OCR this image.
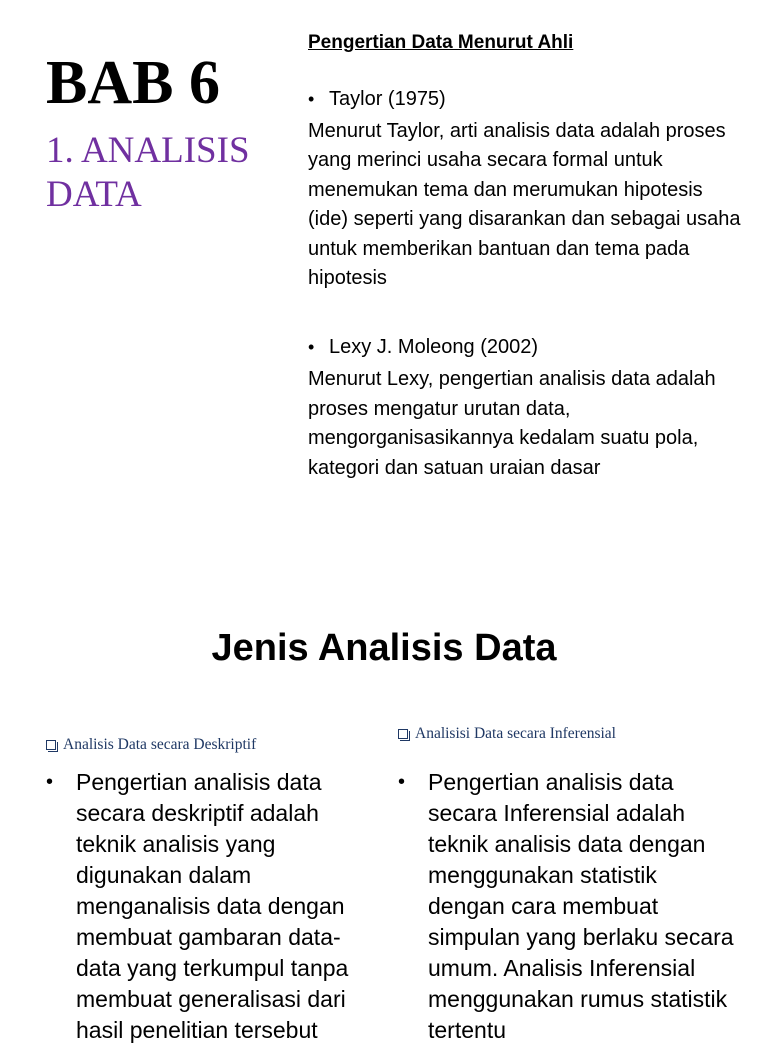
BAB 6
1. ANALISIS DATA

Pengertian Data Menurut Ahli

• Taylor (1975)
Menurut Taylor, arti analisis data adalah proses yang merinci usaha secara formal untuk menemukan tema dan merumukan hipotesis (ide) seperti yang disarankan dan sebagai usaha untuk memberikan bantuan dan tema pada hipotesis
• Lexy J. Moleong (2002)
Menurut Lexy, pengertian analisis data adalah proses mengatur urutan data, mengorganisasikannya kedalam suatu pola, kategori dan satuan uraian dasar
Jenis Analisis Data
Analisis Data secara Deskriptif
• Pengertian analisis data secara deskriptif adalah teknik analisis yang digunakan dalam menganalisis data dengan membuat gambaran data-data yang terkumpul tanpa membuat generalisasi dari hasil penelitian tersebut
Analisisi Data secara Inferensial
• Pengertian analisis data secara Inferensial adalah teknik analisis data dengan menggunakan statistik dengan cara membuat simpulan yang berlaku secara umum. Analisis Inferensial menggunakan rumus statistik tertentu
